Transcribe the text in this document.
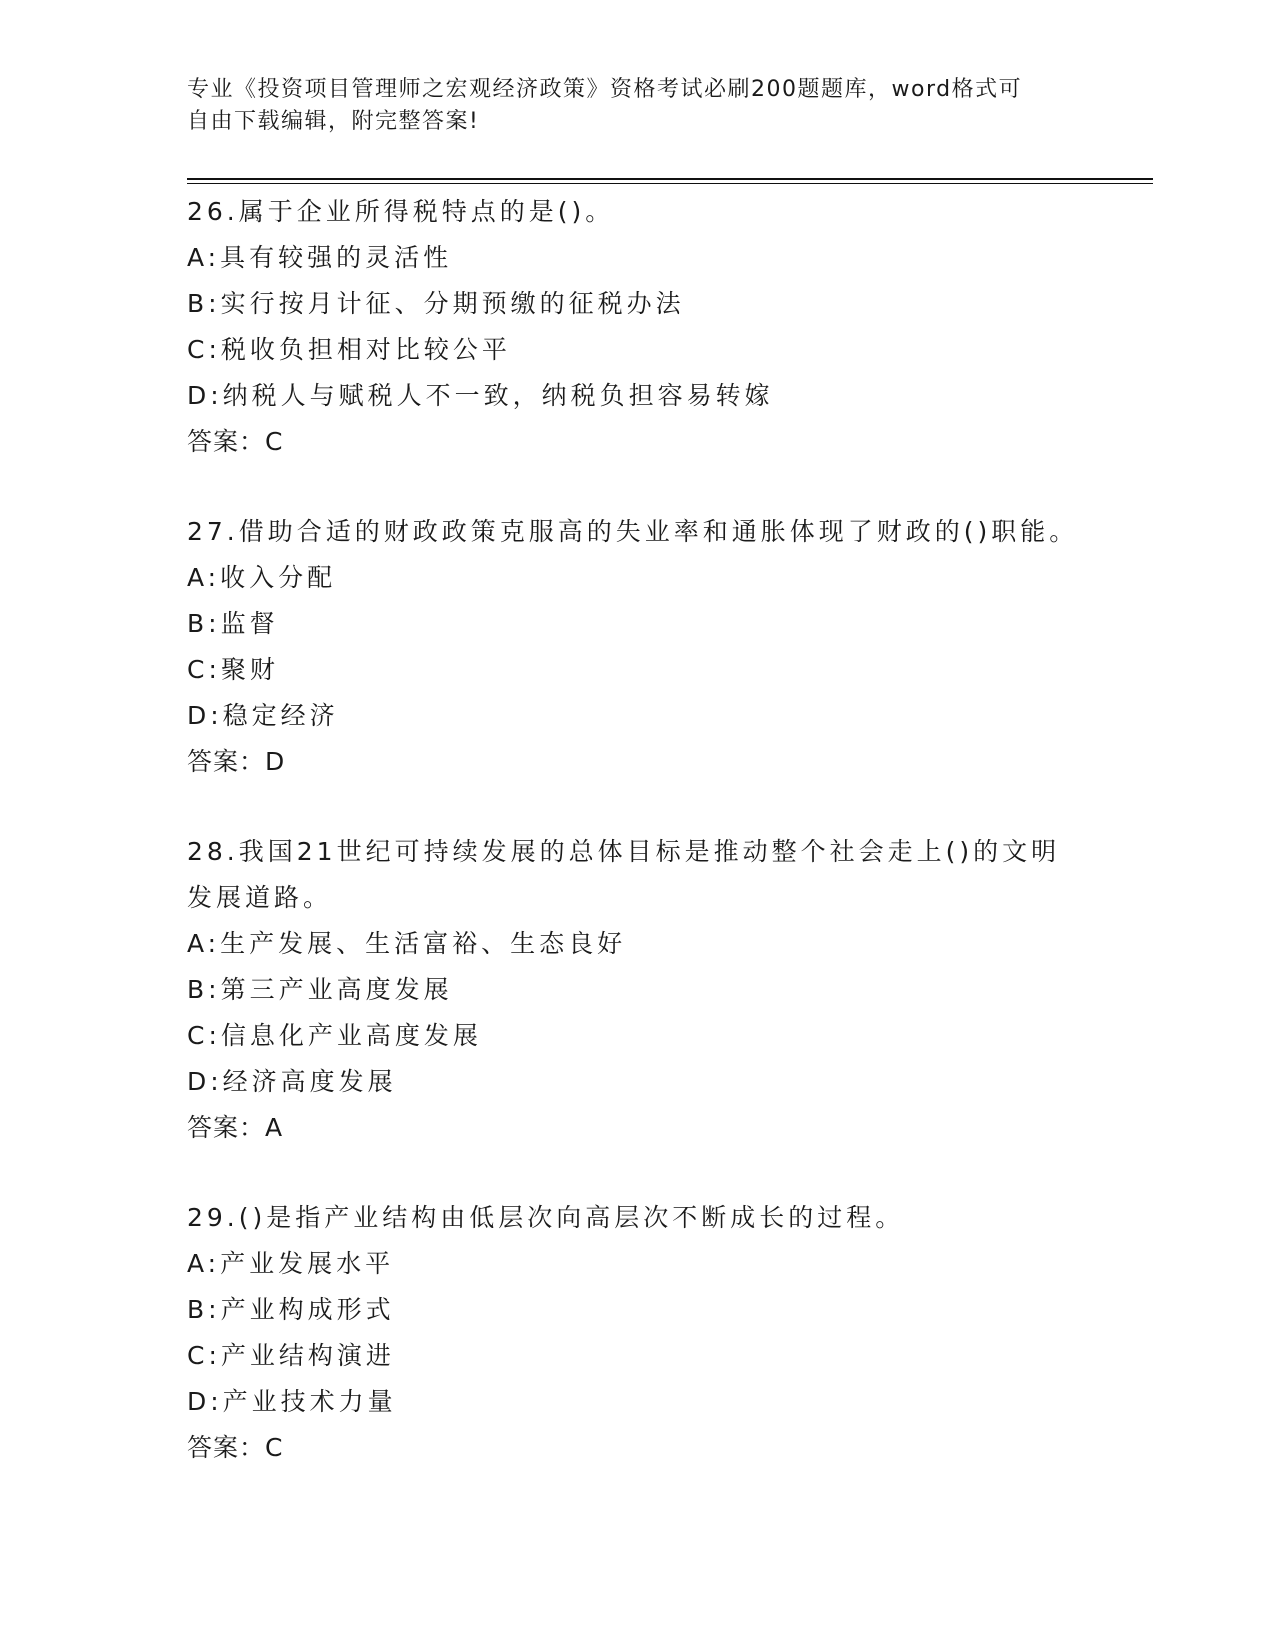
专业《投资项目管理师之宏观经济政策》资格考试必刷200题题库，word格式可
自由下载编辑，附完整答案!

26.属于企业所得税特点的是()。

A:具有较强的灵活性

B:实行按月计征、分期预缴的征税办法

C:税收负担相对比较公平

D:纳税人与赋税人不一致，纳税负担容易转嫁

答案：C

27.借助合适的财政政策克服高的失业率和通胀体现了财政的()职能。

A:收入分配

B:监督

C:聚财

D:稳定经济

答案：D

28.我国21世纪可持续发展的总体目标是推动整个社会走上()的文明

发展道路。

A:生产发展、生活富裕、生态良好

B:第三产业高度发展

C:信息化产业高度发展

D:经济高度发展

答案：A

29.()是指产业结构由低层次向高层次不断成长的过程。

A:产业发展水平

B:产业构成形式

C:产业结构演进

D:产业技术力量

答案：C
